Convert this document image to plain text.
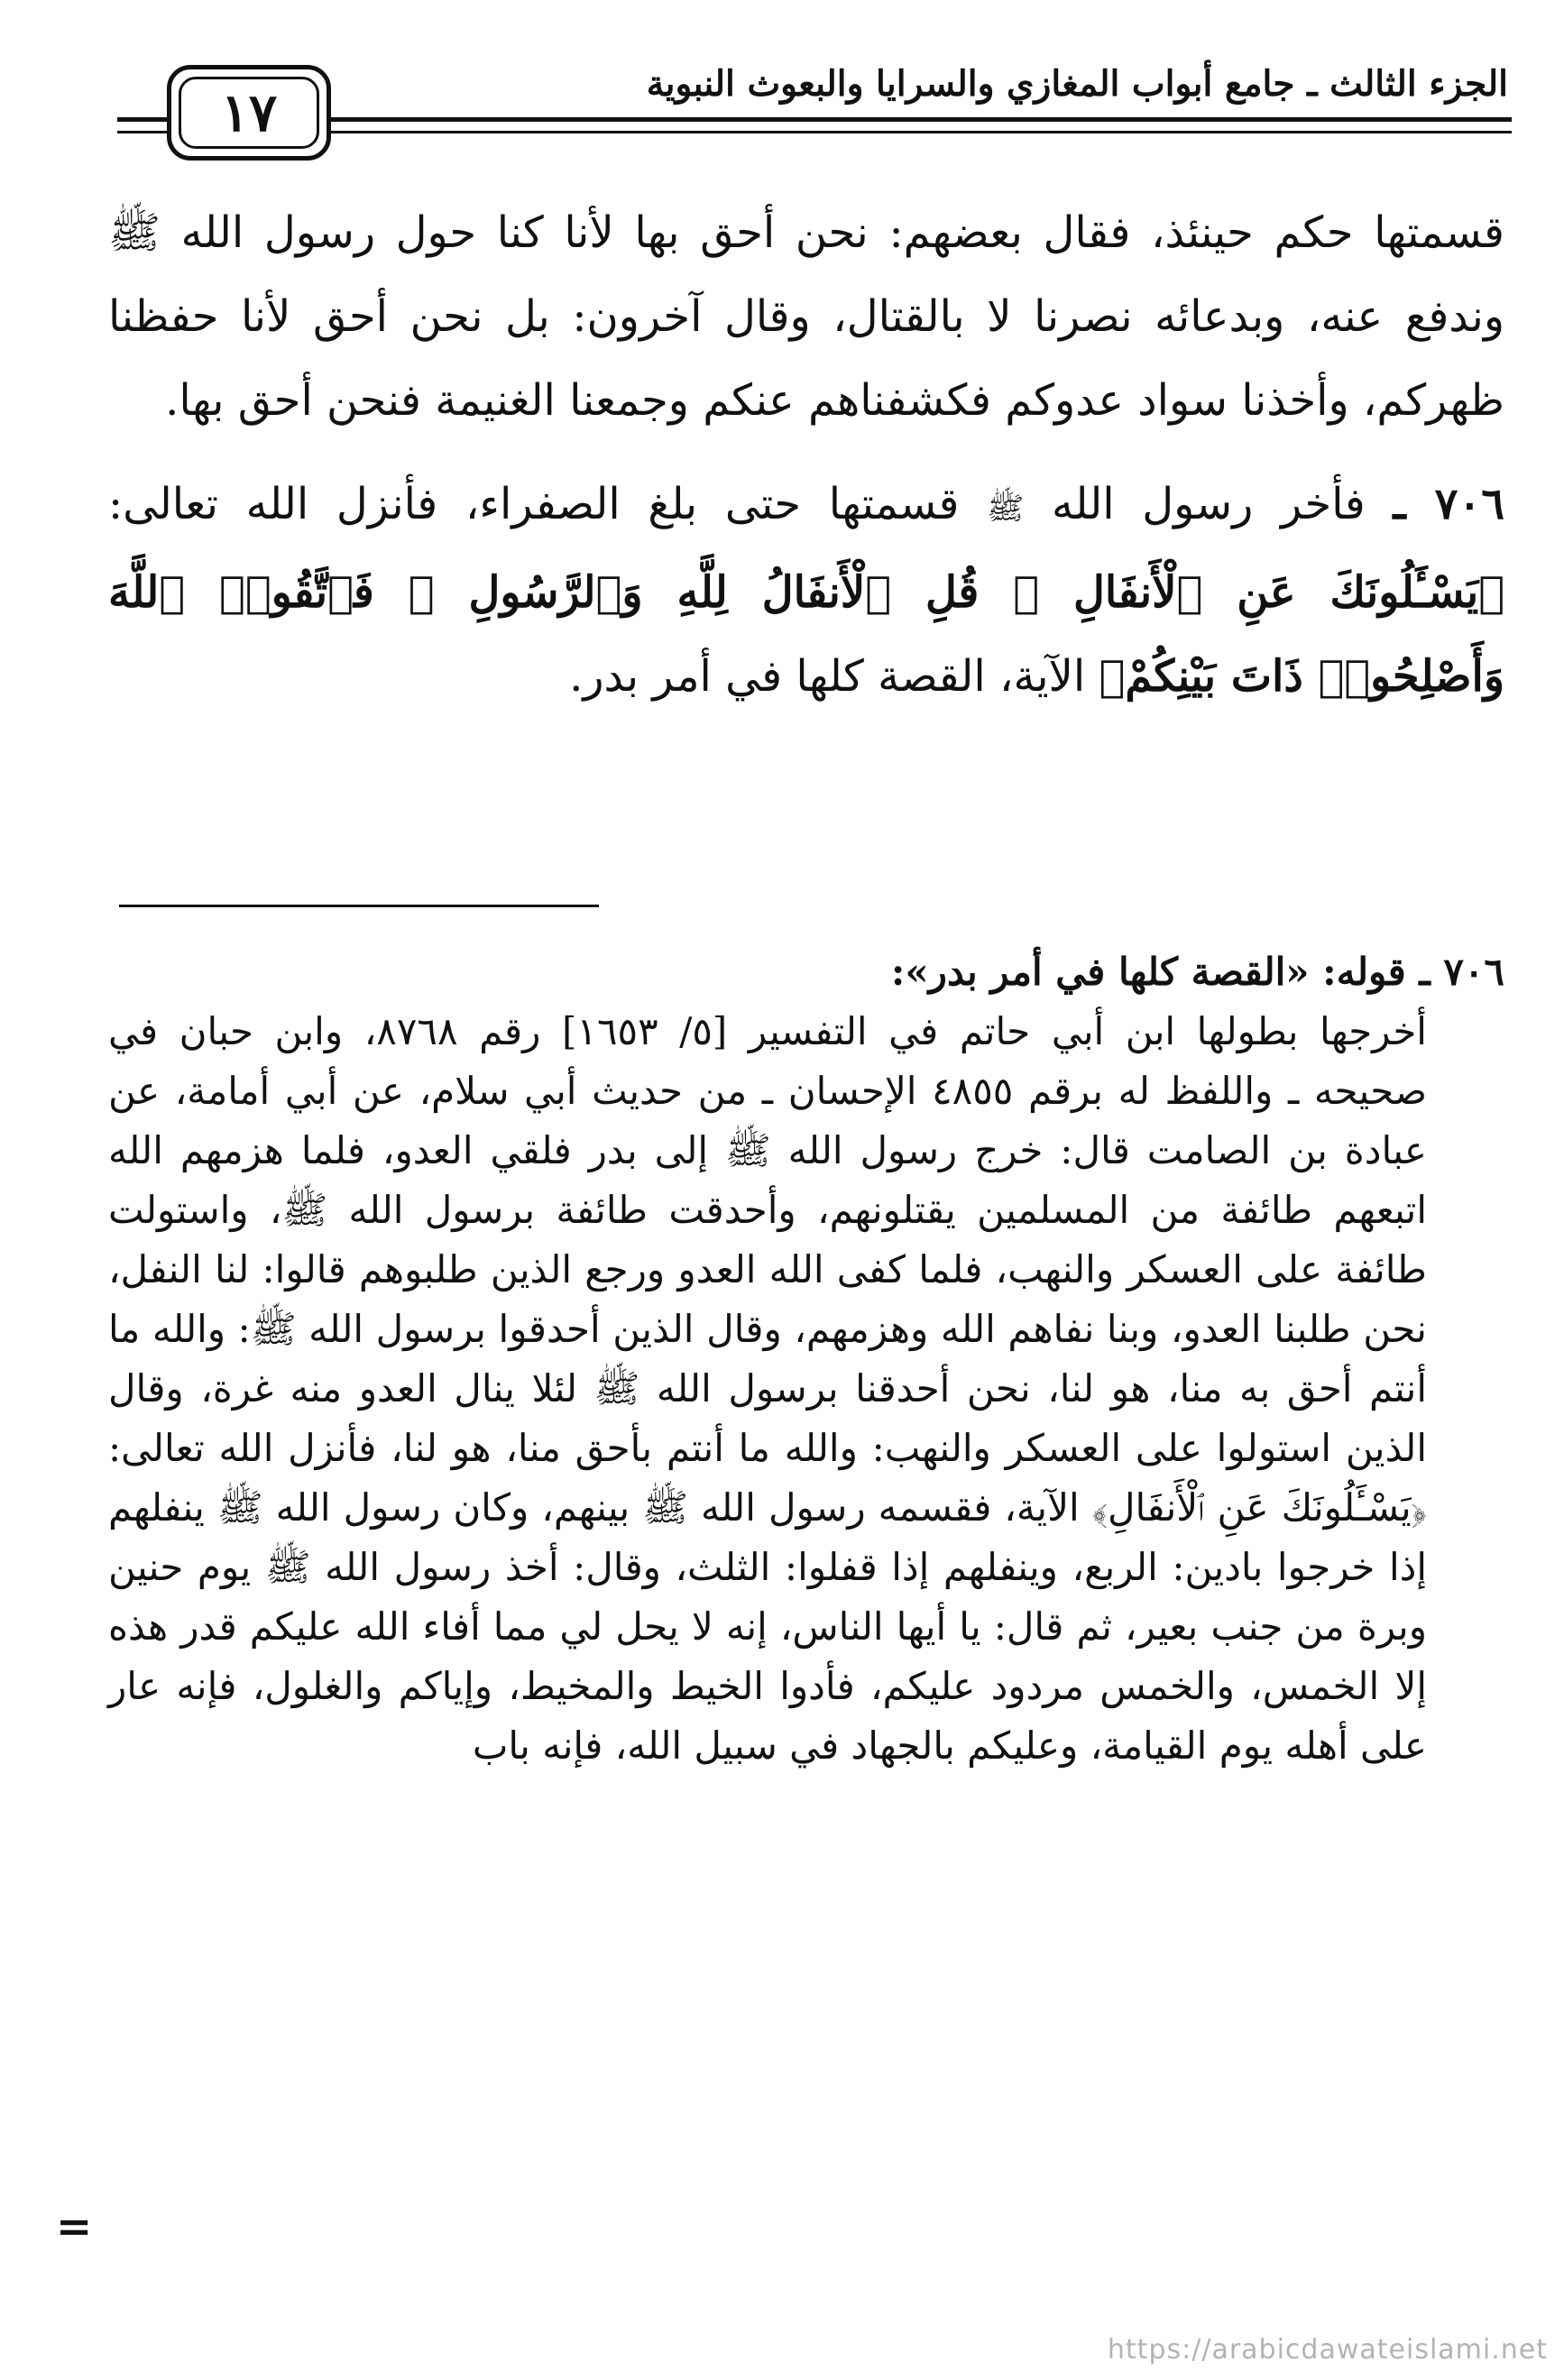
الجزء الثالث ـ جامع أبواب المغازي والسرايا والبعوث النبوية
١٧

قسمتها حكم حينئذ، فقال بعضهم: نحن أحق بها لأنا كنا حول رسول الله ﷺ وندفع عنه، وبدعائه نصرنا لا بالقتال، وقال آخرون: بل نحن أحق لأنا حفظنا ظهركم، وأخذنا سواد عدوكم فكشفناهم عنكم وجمعنا الغنيمة فنحن أحق بها.

٧٠٦ ـ فأخر رسول الله ﷺ قسمتها حتى بلغ الصفراء، فأنزل الله تعالى: ﴿يَسْـَٔلُونَكَ عَنِ ٱلْأَنفَالِ ۖ قُلِ ٱلْأَنفَالُ لِلَّهِ وَٱلرَّسُولِ ۖ فَٱتَّقُوا۟ ٱللَّهَ وَأَصْلِحُوا۟ ذَاتَ بَيْنِكُمْ﴾ الآية، القصة كلها في أمر بدر.

٧٠٦ ـ قوله: «القصة كلها في أمر بدر»:

أخرجها بطولها ابن أبي حاتم في التفسير [٥/ ١٦٥٣] رقم ٨٧٦٨، وابن حبان في صحيحه ـ واللفظ له برقم ٤٨٥٥ الإحسان ـ من حديث أبي سلام، عن أبي أمامة، عن عبادة بن الصامت قال: خرج رسول الله ﷺ إلى بدر فلقي العدو، فلما هزمهم الله اتبعهم طائفة من المسلمين يقتلونهم، وأحدقت طائفة برسول الله ﷺ، واستولت طائفة على العسكر والنهب، فلما كفى الله العدو ورجع الذين طلبوهم قالوا: لنا النفل، نحن طلبنا العدو، وبنا نفاهم الله وهزمهم، وقال الذين أحدقوا برسول الله ﷺ: والله ما أنتم أحق به منا، هو لنا، نحن أحدقنا برسول الله ﷺ لئلا ينال العدو منه غرة، وقال الذين استولوا على العسكر والنهب: والله ما أنتم بأحق منا، هو لنا، فأنزل الله تعالى: ﴿يَسْـَٔلُونَكَ عَنِ ٱلْأَنفَالِ﴾ الآية، فقسمه رسول الله ﷺ بينهم، وكان رسول الله ﷺ ينفلهم إذا خرجوا بادين: الربع، وينفلهم إذا قفلوا: الثلث، وقال: أخذ رسول الله ﷺ يوم حنين وبرة من جنب بعير، ثم قال: يا أيها الناس، إنه لا يحل لي مما أفاء الله عليكم قدر هذه إلا الخمس، والخمس مردود عليكم، فأدوا الخيط والمخيط، وإياكم والغلول، فإنه عار على أهله يوم القيامة، وعليكم بالجهاد في سبيل الله، فإنه باب

=
https://arabicdawateislami.net
